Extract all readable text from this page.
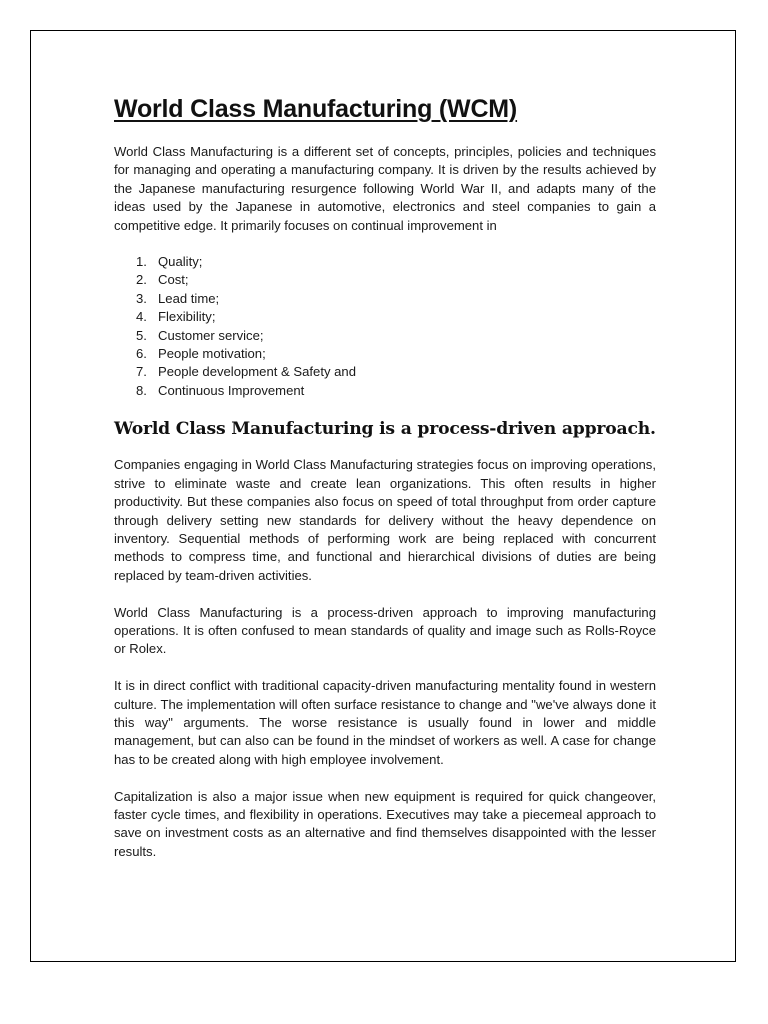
World Class Manufacturing (WCM)

World Class Manufacturing is a different set of concepts, principles, policies and techniques for managing and operating a manufacturing company. It is driven by the results achieved by the Japanese manufacturing resurgence following World War II, and adapts many of the ideas used by the Japanese in automotive, electronics and steel companies to gain a competitive edge. It primarily focuses on continual improvement in

1. Quality;
2. Cost;
3. Lead time;
4. Flexibility;
5. Customer service;
6. People motivation;
7. People development & Safety and
8. Continuous Improvement
World Class Manufacturing is a process-driven approach.

Companies engaging in World Class Manufacturing strategies focus on improving operations, strive to eliminate waste and create lean organizations. This often results in higher productivity. But these companies also focus on speed of total throughput from order capture through delivery setting new standards for delivery without the heavy dependence on inventory. Sequential methods of performing work are being replaced with concurrent methods to compress time, and functional and hierarchical divisions of duties are being replaced by team-driven activities.

World Class Manufacturing is a process-driven approach to improving manufacturing operations. It is often confused to mean standards of quality and image such as Rolls-Royce or Rolex.

It is in direct conflict with traditional capacity-driven manufacturing mentality found in western culture. The implementation will often surface resistance to change and "we've always done it this way" arguments. The worse resistance is usually found in lower and middle management, but can also can be found in the mindset of workers as well. A case for change has to be created along with high employee involvement.

Capitalization is also a major issue when new equipment is required for quick changeover, faster cycle times, and flexibility in operations. Executives may take a piecemeal approach to save on investment costs as an alternative and find themselves disappointed with the lesser results.
